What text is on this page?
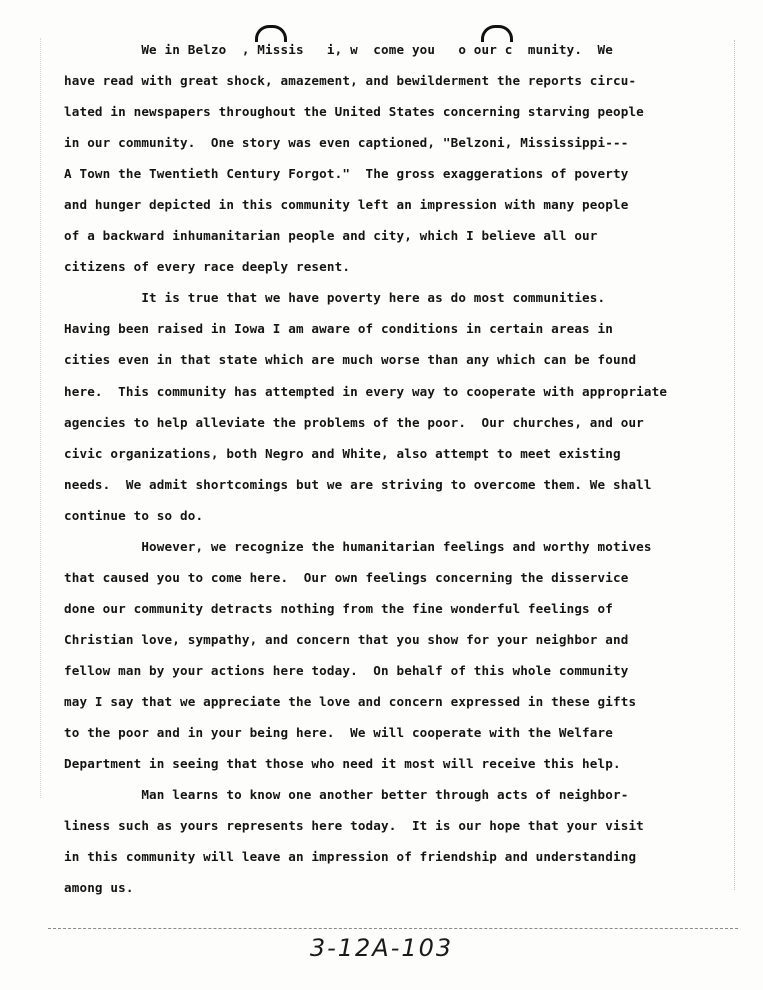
We in Belzo  , Missis   i, w  come you   o our c  munity.  We
have read with great shock, amazement, and bewilderment the reports circu-
lated in newspapers throughout the United States concerning starving people
in our community.  One story was even captioned, "Belzoni, Mississippi---
A Town the Twentieth Century Forgot."  The gross exaggerations of poverty
and hunger depicted in this community left an impression with many people
of a backward inhumanitarian people and city, which I believe all our
citizens of every race deeply resent.
It is true that we have poverty here as do most communities.
Having been raised in Iowa I am aware of conditions in certain areas in
cities even in that state which are much worse than any which can be found
here.  This community has attempted in every way to cooperate with appropriate
agencies to help alleviate the problems of the poor.  Our churches, and our
civic organizations, both Negro and White, also attempt to meet existing
needs.  We admit shortcomings but we are striving to overcome them. We shall
continue to so do.
However, we recognize the humanitarian feelings and worthy motives
that caused you to come here.  Our own feelings concerning the disservice
done our community detracts nothing from the fine wonderful feelings of
Christian love, sympathy, and concern that you show for your neighbor and
fellow man by your actions here today.  On behalf of this whole community
may I say that we appreciate the love and concern expressed in these gifts
to the poor and in your being here.  We will cooperate with the Welfare
Department in seeing that those who need it most will receive this help.
Man learns to know one another better through acts of neighbor-
liness such as yours represents here today.  It is our hope that your visit
in this community will leave an impression of friendship and understanding
among us.
3-12A-103
